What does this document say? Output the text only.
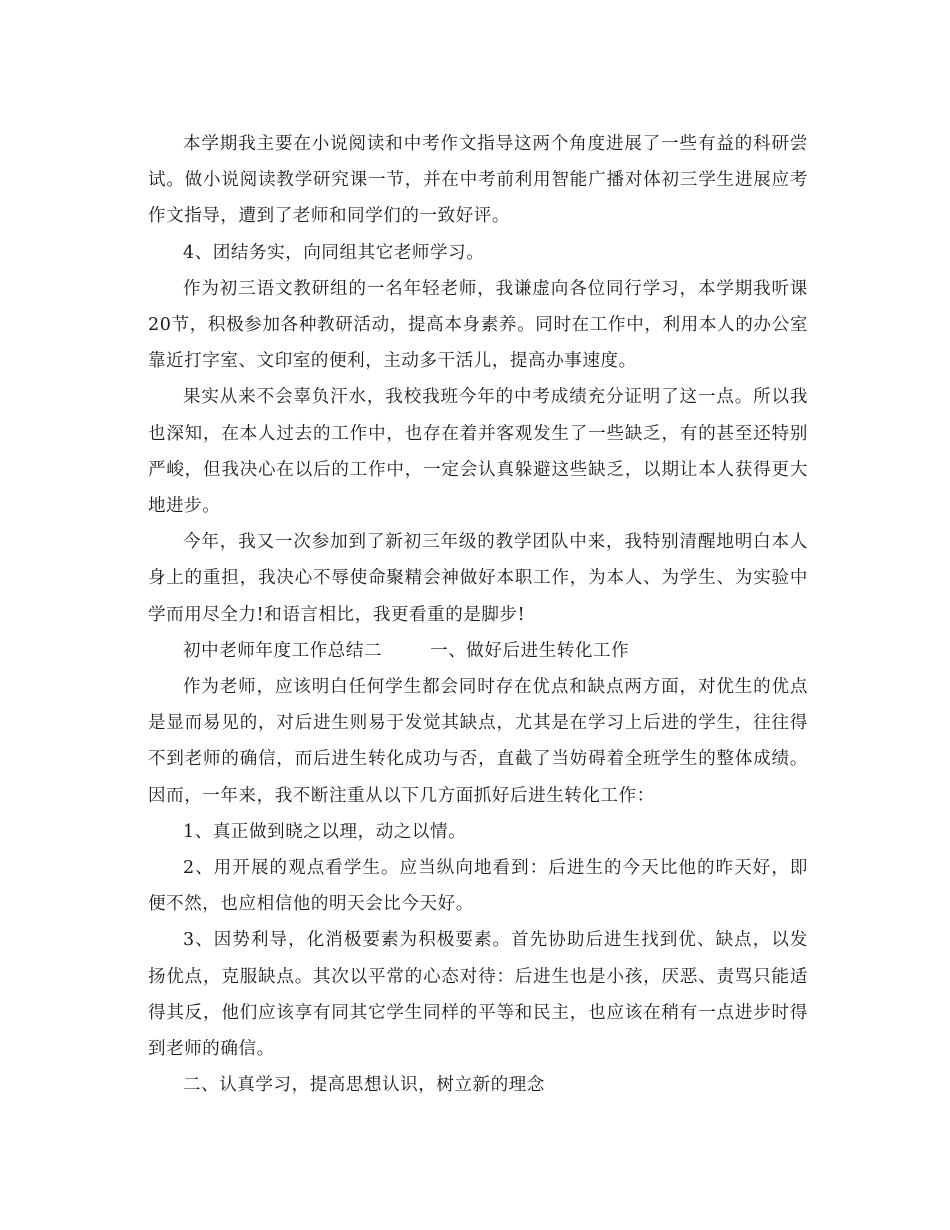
本学期我主要在小说阅读和中考作文指导这两个角度进展了一些有益的科研尝试。做小说阅读教学研究课一节，并在中考前利用智能广播对体初三学生进展应考作文指导，遭到了老师和同学们的一致好评。

4、团结务实，向同组其它老师学习。

作为初三语文教研组的一名年轻老师，我谦虚向各位同行学习，本学期我听课20节，积极参加各种教研活动，提高本身素养。同时在工作中，利用本人的办公室靠近打字室、文印室的便利，主动多干活儿，提高办事速度。

果实从来不会辜负汗水，我校我班今年的中考成绩充分证明了这一点。所以我也深知，在本人过去的工作中，也存在着并客观发生了一些缺乏，有的甚至还特别严峻，但我决心在以后的工作中，一定会认真躲避这些缺乏，以期让本人获得更大地进步。

今年，我又一次参加到了新初三年级的教学团队中来，我特别清醒地明白本人身上的重担，我决心不辱使命聚精会神做好本职工作，为本人、为学生、为实验中学而用尽全力!和语言相比，我更看重的是脚步!

初中老师年度工作总结二	一、做好后进生转化工作

作为老师，应该明白任何学生都会同时存在优点和缺点两方面，对优生的优点是显而易见的，对后进生则易于发觉其缺点，尤其是在学习上后进的学生，往往得不到老师的确信，而后进生转化成功与否，直截了当妨碍着全班学生的整体成绩。因而，一年来，我不断注重从以下几方面抓好后进生转化工作：

1、真正做到晓之以理，动之以情。

2、用开展的观点看学生。应当纵向地看到：后进生的今天比他的昨天好，即便不然，也应相信他的明天会比今天好。

3、因势利导，化消极要素为积极要素。首先协助后进生找到优、缺点，以发扬优点，克服缺点。其次以平常的心态对待：后进生也是小孩，厌恶、责骂只能适得其反，他们应该享有同其它学生同样的平等和民主，也应该在稍有一点进步时得到老师的确信。

二、认真学习，提高思想认识，树立新的理念
